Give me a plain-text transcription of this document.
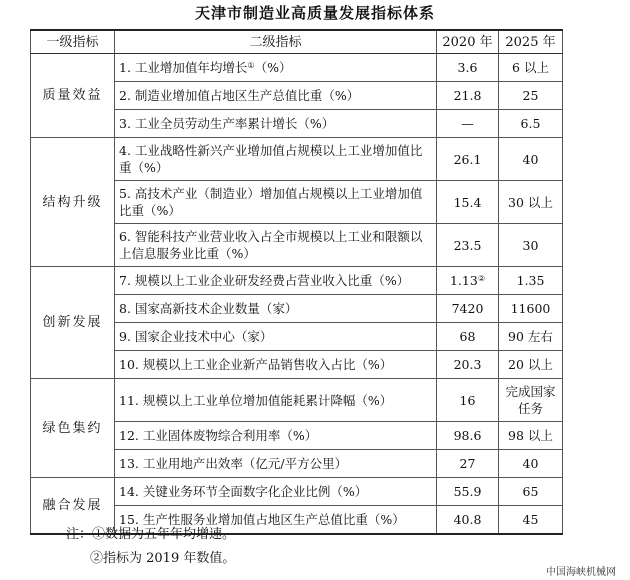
天津市制造业高质量发展指标体系
一级指标	二级指标	2020 年	2025 年
质量效益	1. 工业增加值年均增长①（%）	3.6	6 以上
	2. 制造业增加值占地区生产总值比重（%）	21.8	25
	3. 工业全员劳动生产率累计增长（%）	—	6.5
结构升级	4. 工业战略性新兴产业增加值占规模以上工业增加值比重（%）	26.1	40
	5. 高技术产业（制造业）增加值占规模以上工业增加值比重（%）	15.4	30 以上
	6. 智能科技产业营业收入占全市规模以上工业和限额以上信息服务业比重（%）	23.5	30
创新发展	7. 规模以上工业企业研发经费占营业收入比重（%）	1.13②	1.35
	8. 国家高新技术企业数量（家）	7420	11600
	9. 国家企业技术中心（家）	68	90 左右
	10. 规模以上工业企业新产品销售收入占比（%）	20.3	20 以上
绿色集约	11. 规模以上工业单位增加值能耗累计降幅（%）	16	完成国家任务
	12. 工业固体废物综合利用率（%）	98.6	98 以上
	13. 工业用地产出效率（亿元/平方公里）	27	40
融合发展	14. 关键业务环节全面数字化企业比例（%）	55.9	65
	15. 生产性服务业增加值占地区生产总值比重（%）	40.8	45
注：①数据为五年年均增速。
②指标为 2019 年数值。
中国海峡机械网
